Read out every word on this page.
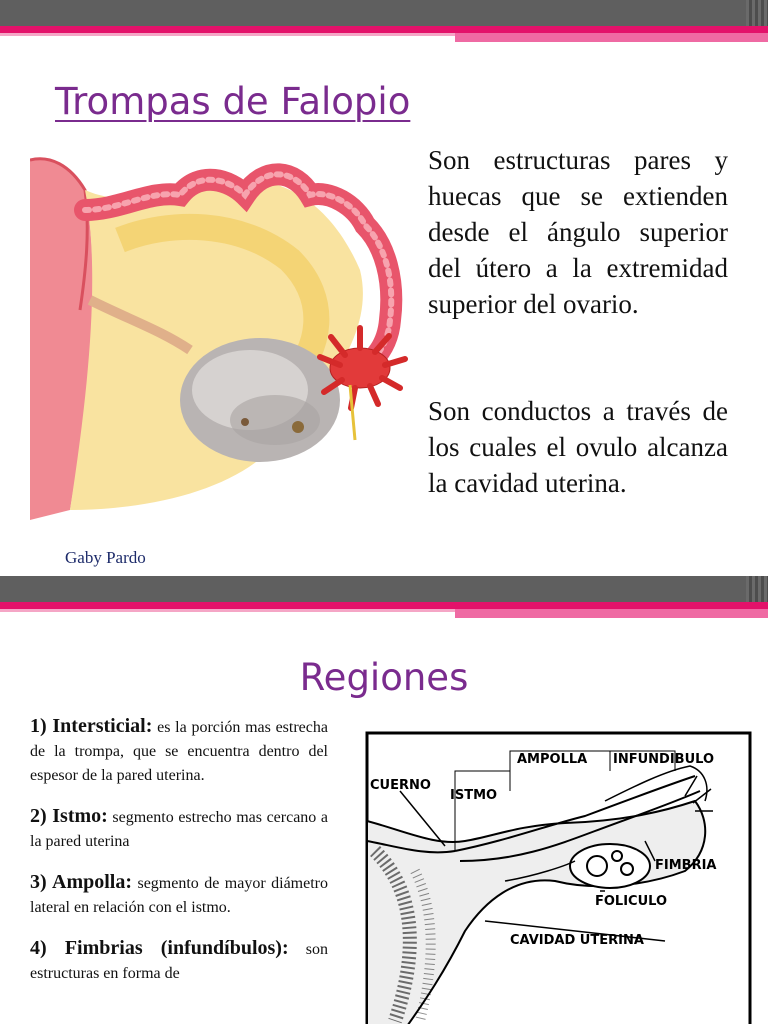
Trompas de Falopio

Son estructuras pares y huecas que se extienden desde el ángulo superior del útero a la extremidad superior del ovario.

Son conductos a través de los cuales el ovulo alcanza la cavidad uterina.

Gaby Pardo
Regiones

1) Intersticial: es la porción mas estrecha de la trompa, que se encuentra dentro del espesor de la pared uterina.

2) Istmo: segmento estrecho mas cercano a la pared uterina

3) Ampolla: segmento de mayor diámetro lateral en relación con el istmo.

4) Fimbrias (infundíbulos): son estructuras en forma de

AMPOLLA INFUNDIBULO
CUERNO
ISTMO
FIMBRIA
FOLICULO
CAVIDAD UTERINA
